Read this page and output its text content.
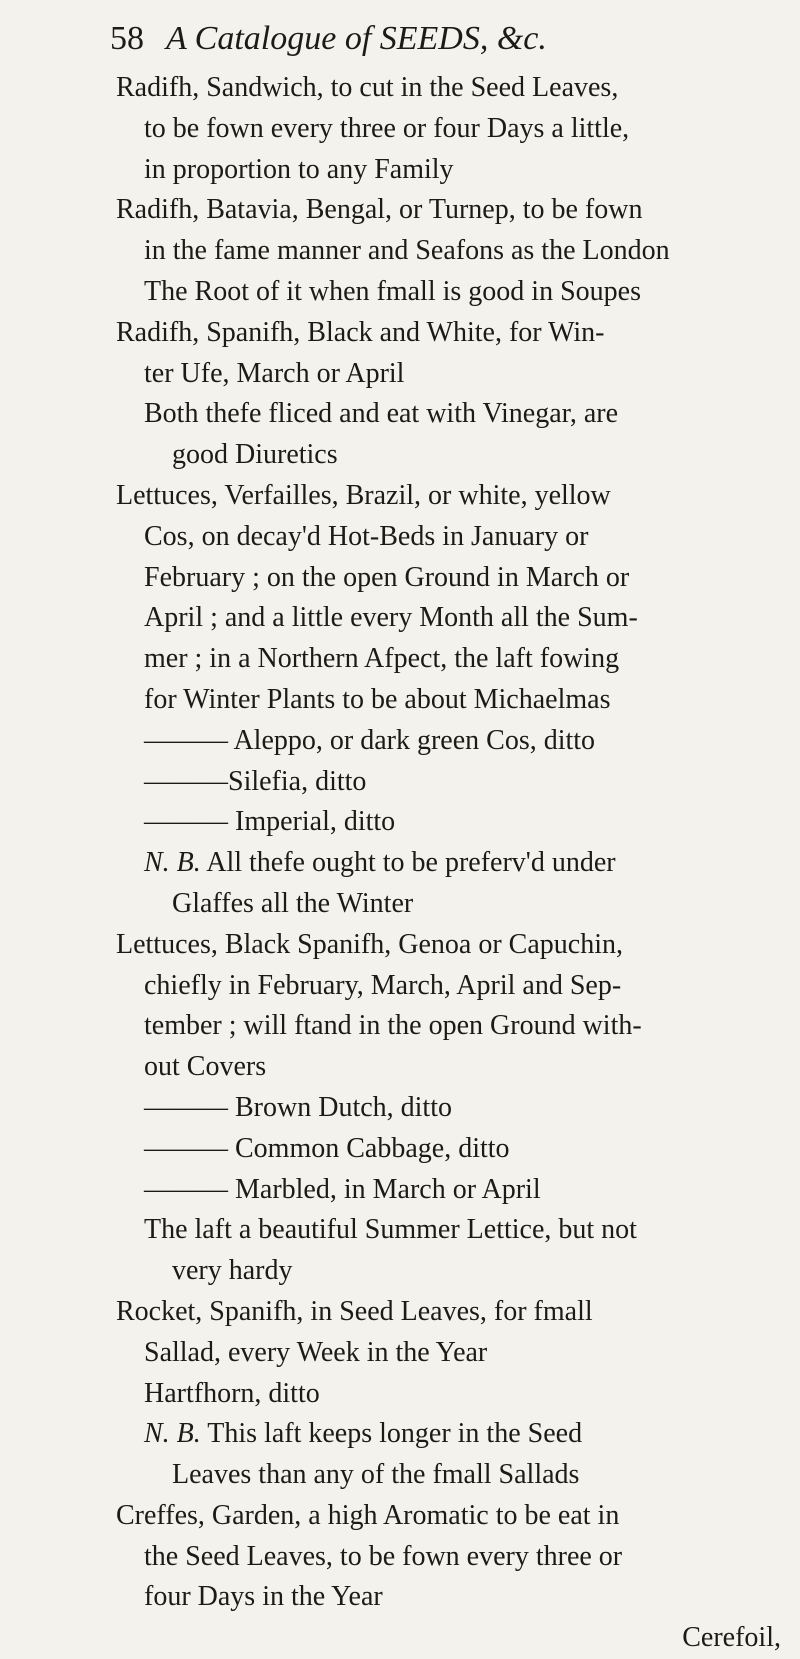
58 A Catalogue of SEEDS, &c.
Radifh, Sandwich, to cut in the Seed Leaves,
to be fown every three or four Days a little,
in proportion to any Family
Radifh, Batavia, Bengal, or Turnep, to be fown
in the fame manner and Seafons as the London
The Root of it when fmall is good in Soupes
Radifh, Spanifh, Black and White, for Win-
ter Ufe, March or April
Both thefe fliced and eat with Vinegar, are
good Diuretics
Lettuces, Verfailles, Brazil, or white, yellow
Cos, on decay'd Hot-Beds in January or
February ; on the open Ground in March or
April ; and a little every Month all the Sum-
mer ; in a Northern Afpect, the laft fowing
for Winter Plants to be about Michaelmas
——— Aleppo, or dark green Cos, ditto
———Silefia, ditto
——— Imperial, ditto
N. B. All thefe ought to be preferv'd under
Glaffes all the Winter
Lettuces, Black Spanifh, Genoa or Capuchin,
chiefly in February, March, April and Sep-
tember ; will ftand in the open Ground with-
out Covers
——— Brown Dutch, ditto
——— Common Cabbage, ditto
——— Marbled, in March or April
The laft a beautiful Summer Lettice, but not
very hardy
Rocket, Spanifh, in Seed Leaves, for fmall
Sallad, every Week in the Year
Hartfhorn, ditto
N. B. This laft keeps longer in the Seed
Leaves than any of the fmall Sallads
Creffes, Garden, a high Aromatic to be eat in
the Seed Leaves, to be fown every three or
four Days in the Year
Cerefoil,
